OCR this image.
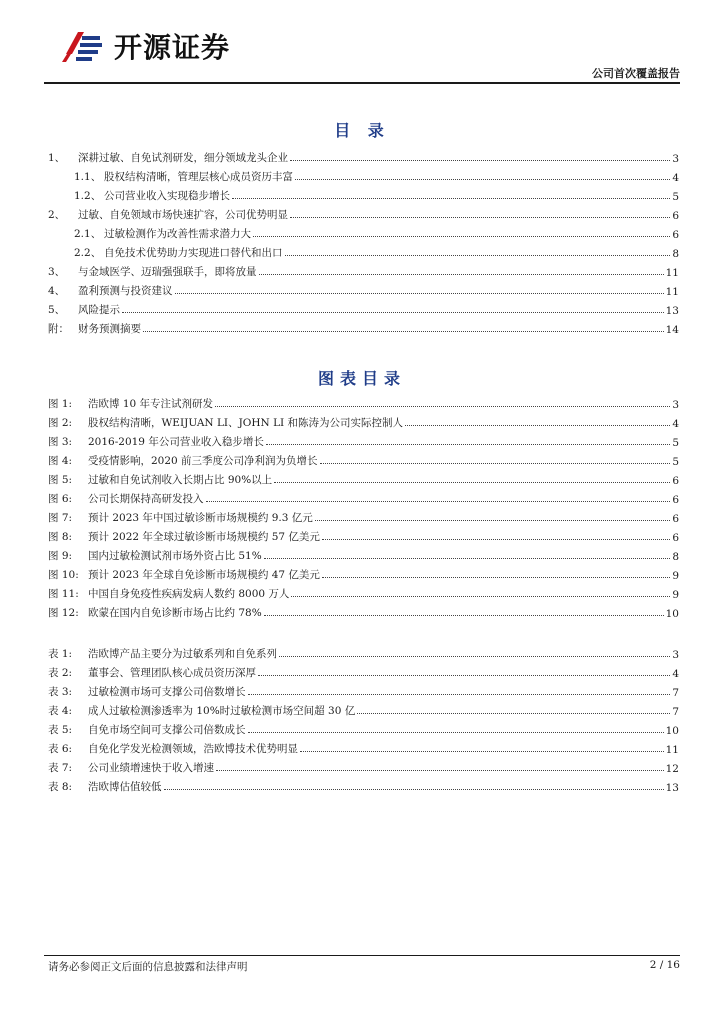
开源证券
公司首次覆盖报告
目 录
1、	深耕过敏、自免试剂研发，细分领域龙头企业	3
1.1、 股权结构清晰，管理层核心成员资历丰富	4
1.2、 公司营业收入实现稳步增长	5
2、	过敏、自免领域市场快速扩容，公司优势明显	6
2.1、 过敏检测作为改善性需求潜力大	6
2.2、 自免技术优势助力实现进口替代和出口	8
3、	与金域医学、迈瑞强强联手，即将放量	11
4、	盈利预测与投资建议	11
5、	风险提示	13
附： 财务预测摘要	14
图表目录
图 1:	浩欧博 10 年专注试剂研发	3
图 2:	股权结构清晰，WEIJUAN LI、JOHN LI 和陈涛为公司实际控制人	4
图 3:	2016-2019 年公司营业收入稳步增长	5
图 4:	受疫情影响，2020 前三季度公司净利润为负增长	5
图 5:	过敏和自免试剂收入长期占比 90%以上	6
图 6:	公司长期保持高研发投入	6
图 7:	预计 2023 年中国过敏诊断市场规模约 9.3 亿元	6
图 8:	预计 2022 年全球过敏诊断市场规模约 57 亿美元	6
图 9:	国内过敏检测试剂市场外资占比 51%	8
图 10: 预计 2023 年全球自免诊断市场规模约 47 亿美元	9
图 11: 中国自身免疫性疾病发病人数约 8000 万人	9
图 12: 欧蒙在国内自免诊断市场占比约 78%	10
表 1:	浩欧博产品主要分为过敏系列和自免系列	3
表 2:	董事会、管理团队核心成员资历深厚	4
表 3:	过敏检测市场可支撑公司倍数增长	7
表 4:	成人过敏检测渗透率为 10%时过敏检测市场空间超 30 亿	7
表 5:	自免市场空间可支撑公司倍数成长	10
表 6:	自免化学发光检测领域，浩欧博技术优势明显	11
表 7:	公司业绩增速快于收入增速	12
表 8:	浩欧博估值较低	13
请务必参阅正文后面的信息披露和法律声明	2 / 16
